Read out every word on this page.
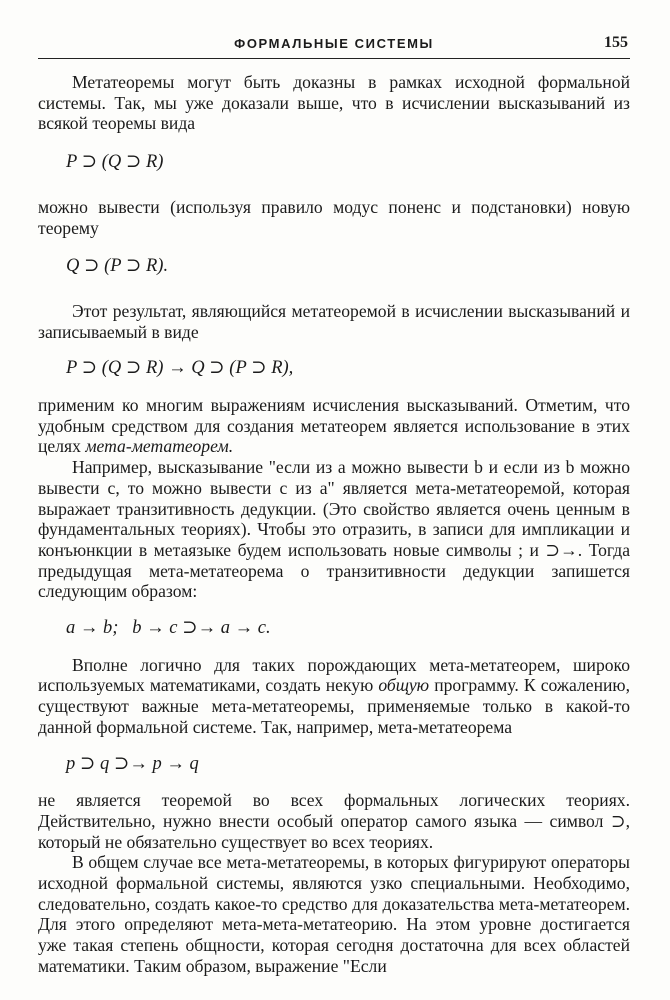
ФОРМАЛЬНЫЕ СИСТЕМЫ	155

Метатеоремы могут быть доказны в рамках исходной формальной системы. Так, мы уже доказали выше, что в исчислении высказываний из всякой теоремы вида

P ⊃ (Q ⊃ R)

можно вывести (используя правило модус поненс и подстановки) новую теорему

Q ⊃ (P ⊃ R).

Этот результат, являющийся метатеоремой в исчислении высказываний и записываемый в виде

P ⊃ (Q ⊃ R) → Q ⊃ (P ⊃ R),

применим ко многим выражениям исчисления высказываний. Отметим, что удобным средством для создания метатеорем является использование в этих целях мета-метатеорем.

Например, высказывание "если из a можно вывести b и если из b можно вывести c, то можно вывести c из a" является мета-метатеоремой, которая выражает транзитивность дедукции. (Это свойство является очень ценным в фундаментальных теориях). Чтобы это отразить, в записи для импликации и конъюнкции в метаязыке будем использовать новые символы ; и ⊃→. Тогда предыдущая мета-метатеорема о транзитивности дедукции запишется следующим образом:

a → b;   b → c ⊃→ a → c.

Вполне логично для таких порождающих мета-метатеорем, широко используемых математиками, создать некую общую программу. К сожалению, существуют важные мета-метатеоремы, применяемые только в какой-то данной формальной системе. Так, например, мета-метатеорема

p ⊃ q ⊃→ p → q

не является теоремой во всех формальных логических теориях. Действительно, нужно внести особый оператор самого языка — символ ⊃, который не обязательно существует во всех теориях.

В общем случае все мета-метатеоремы, в которых фигурируют операторы исходной формальной системы, являются узко специальными. Необходимо, следовательно, создать какое-то средство для доказательства мета-метатеорем. Для этого определяют мета-мета-метатеорию. На этом уровне достигается уже такая степень общности, которая сегодня достаточна для всех областей математики. Таким образом, выражение "Если
